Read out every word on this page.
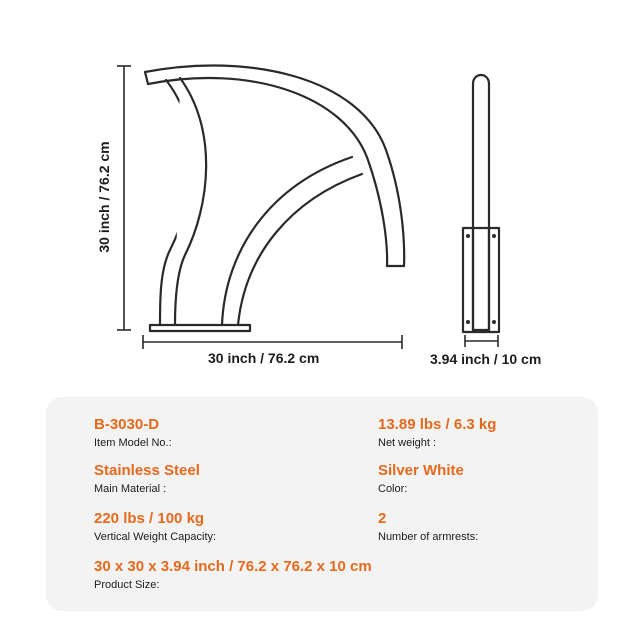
30 inch / 76.2 cm
30 inch / 76.2 cm	3.94 inch / 10 cm
B-3030-D
Item Model No.:
13.89 lbs / 6.3 kg
Net weight :
Stainless Steel
Main Material :
Silver White
Color:
220 lbs / 100 kg
Vertical Weight Capacity:
2
Number of armrests:
30 x 30 x 3.94 inch / 76.2 x 76.2 x 10 cm
Product Size:
